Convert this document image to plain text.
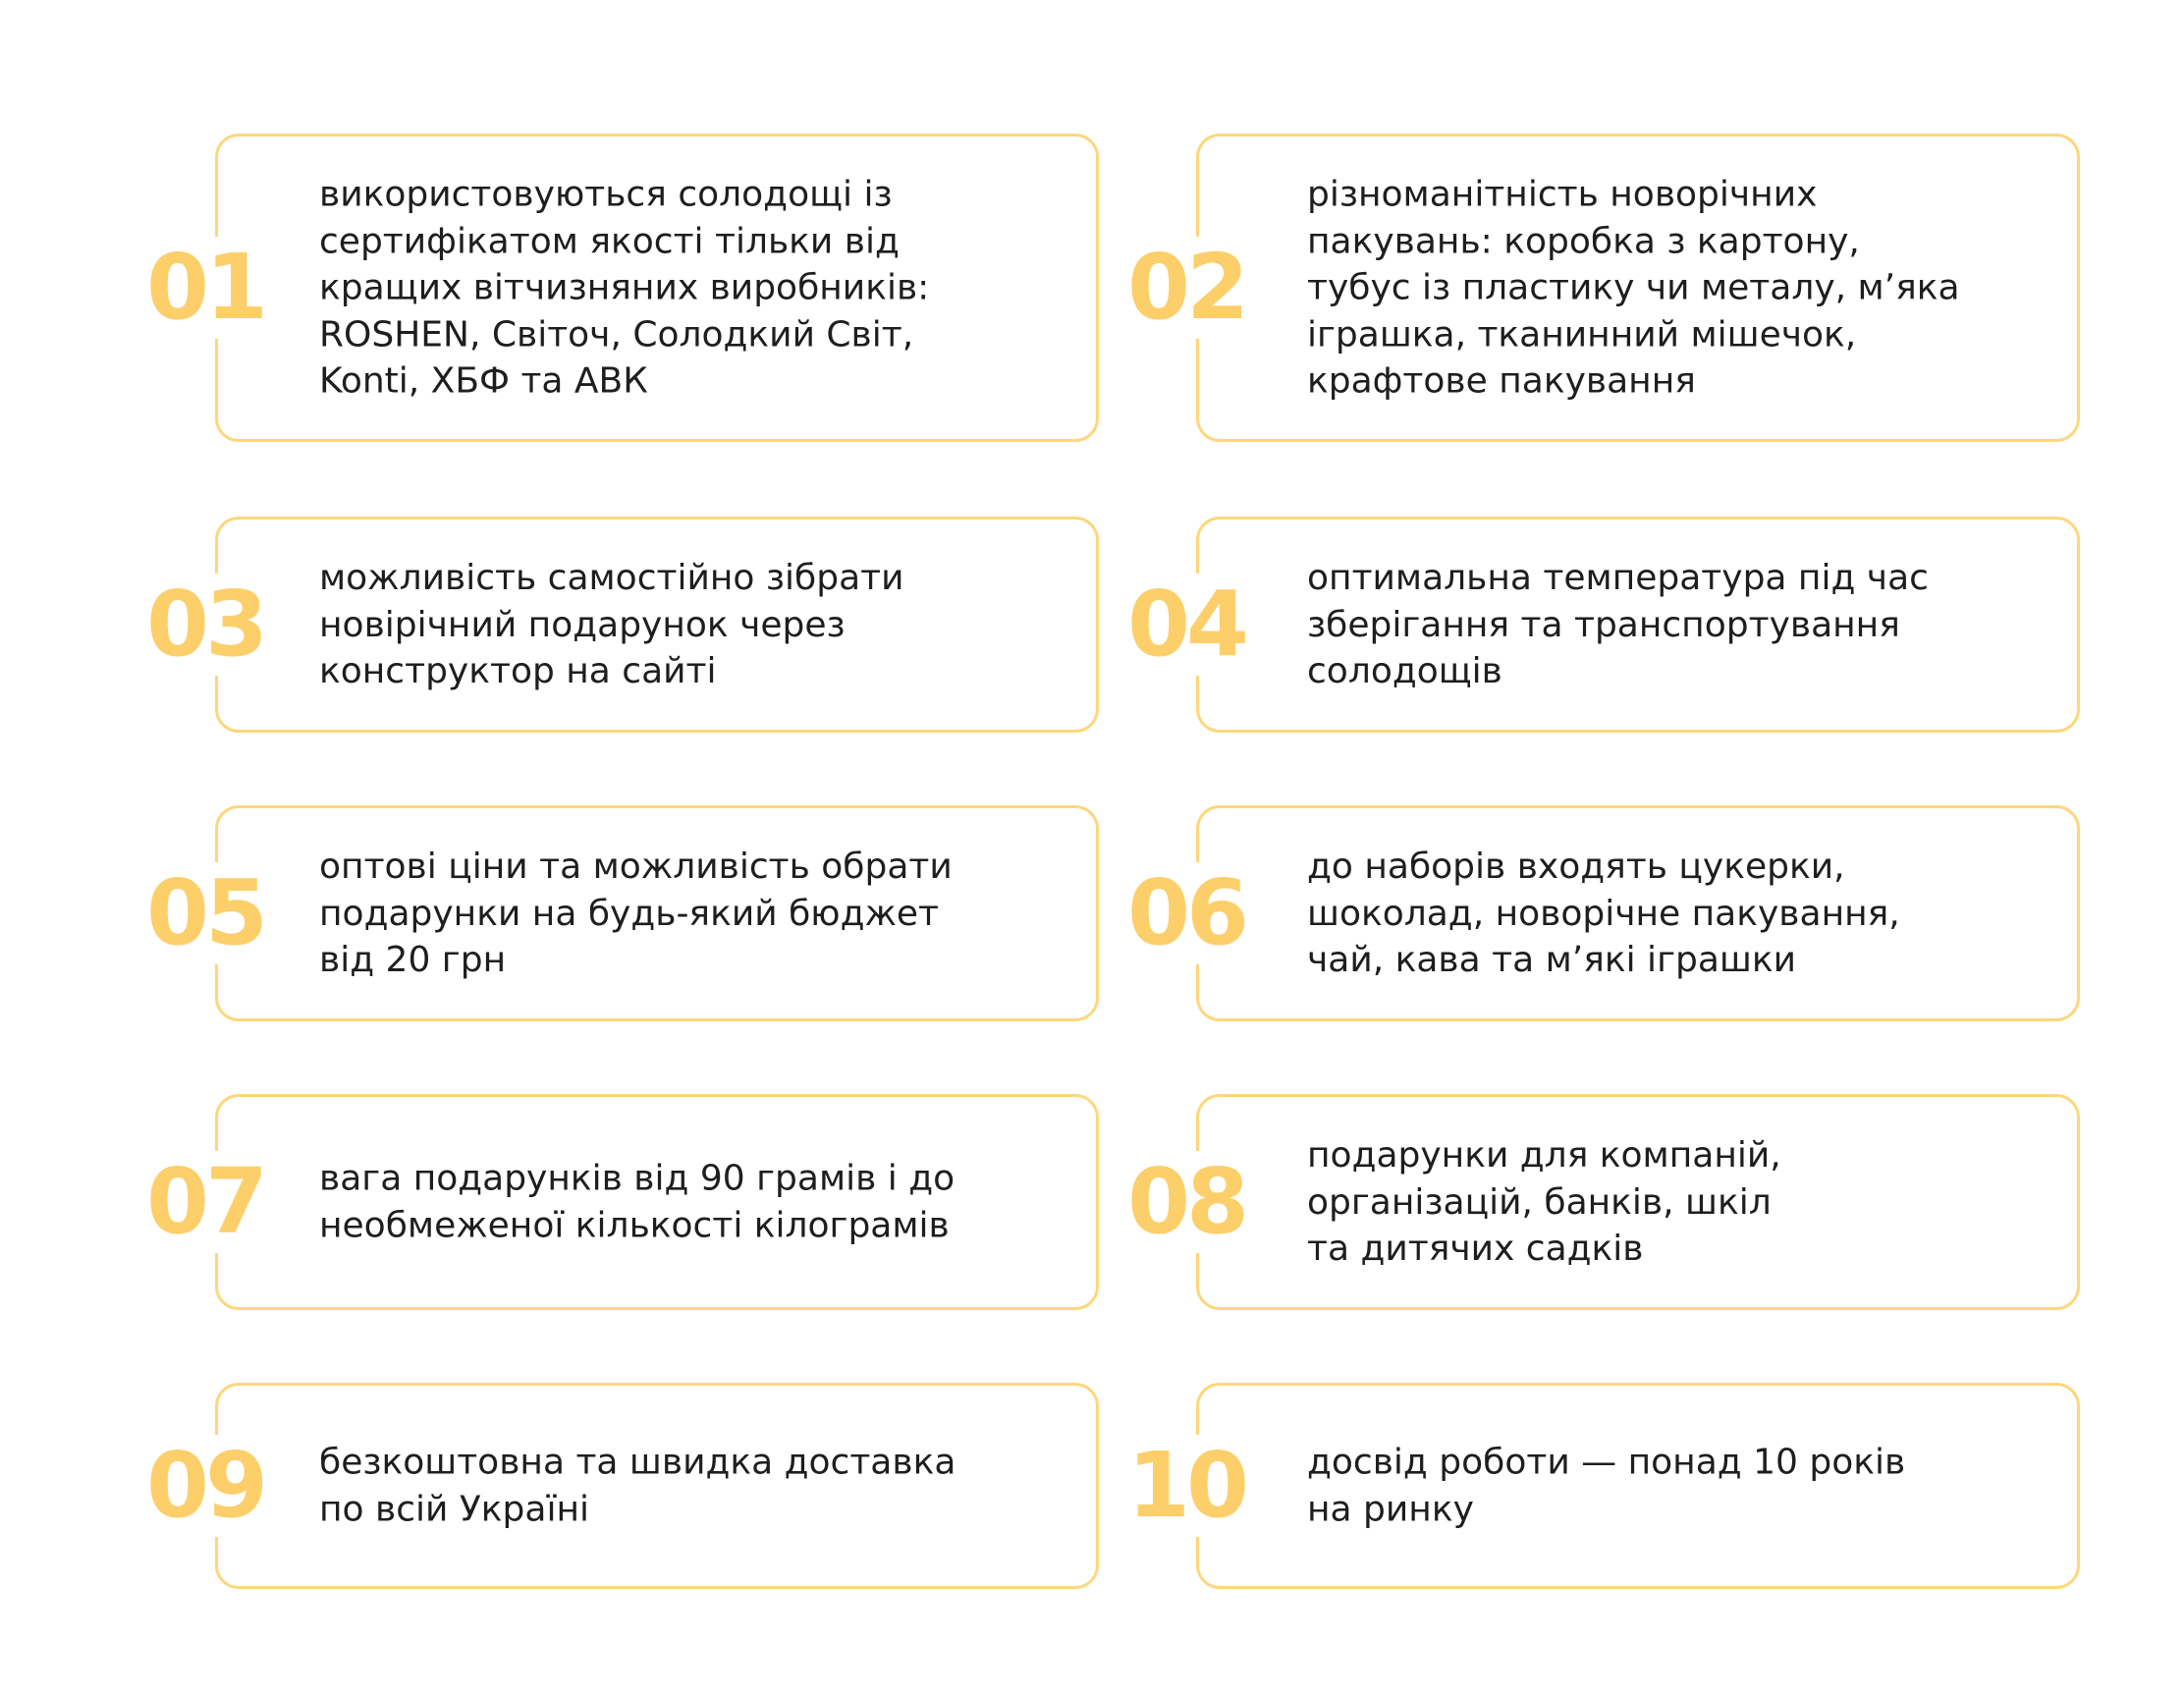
01
використовуються солодощі із
сертифікатом якості тільки від
кращих вітчизняних виробників:
ROSHEN, Світоч, Солодкий Світ,
Konti, ХБФ та АВК
02
різноманітність новорічних
пакувань: коробка з картону,
тубус із пластику чи металу, м’яка
іграшка, тканинний мішечок,
крафтове пакування
03 можливість самостійно зібрати
новірічний подарунок через
конструктор на сайті	04 оптимальна температура під час
зберігання та транспортування
солодощів
05 оптові ціни та можливість обрати
подарунки на будь-який бюджет
від 20 грн	06 до наборів входять цукерки,
шоколад, новорічне пакування,
чай, кава та м’які іграшки
07 вага подарунків від 90 грамів і до
необмеженої кількості кілограмів	08 подарунки для компаній,
організацій, банків, шкіл
та дитячих садків
09 безкоштовна та швидка доставка
по всій Україні	10 досвід роботи — понад 10 років
на ринку
